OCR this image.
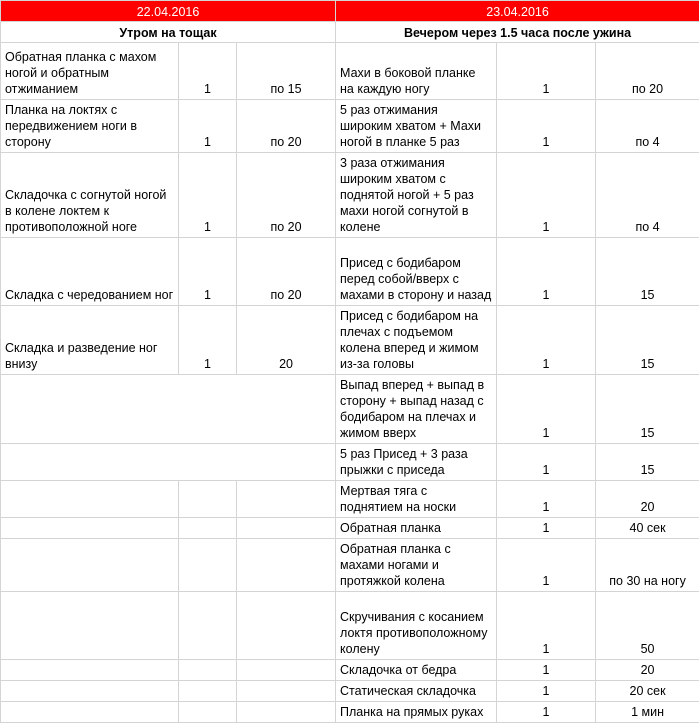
22.04.2016			23.04.2016		
Утром на тощак			Вечером через 1.5 часа после ужина		
Обратная планка с махом ногой и обратным отжиманием	1	по 15	Махи в боковой планке на каждую ногу	1	по 20
Планка на локтях с передвижением ноги в сторону	1	по 20	5 раз отжимания широким хватом + Махи ногой в планке 5 раз	1	по 4
Складочка с согнутой ногой в колене локтем к противоположной ноге	1	по 20	3 раза отжимания широким хватом с поднятой ногой + 5 раз махи ногой согнутой в колене	1	по 4
Складка с чередованием ног	1	по 20	Присед с бодибаром перед собой/вверх с махами в сторону и назад	1	15
Складка и разведение ног внизу	1	20	Присед с бодибаром на плечах с подъемом колена вперед и жимом из-за головы	1	15
			Выпад вперед + выпад в сторону + выпад назад с бодибаром на плечах и жимом вверх	1	15
			5 раз Присед + 3 раза прыжки с приседа	1	15
			Мертвая тяга с поднятием на носки	1	20
			Обратная планка	1	40 сек
			Обратная планка с махами ногами и протяжкой колена	1	по 30 на ногу
			Скручивания с косанием локтя противоположному колену	1	50
			Складочка от бедра	1	20
			Статическая складочка	1	20 сек
			Планка на прямых руках	1	1 мин
